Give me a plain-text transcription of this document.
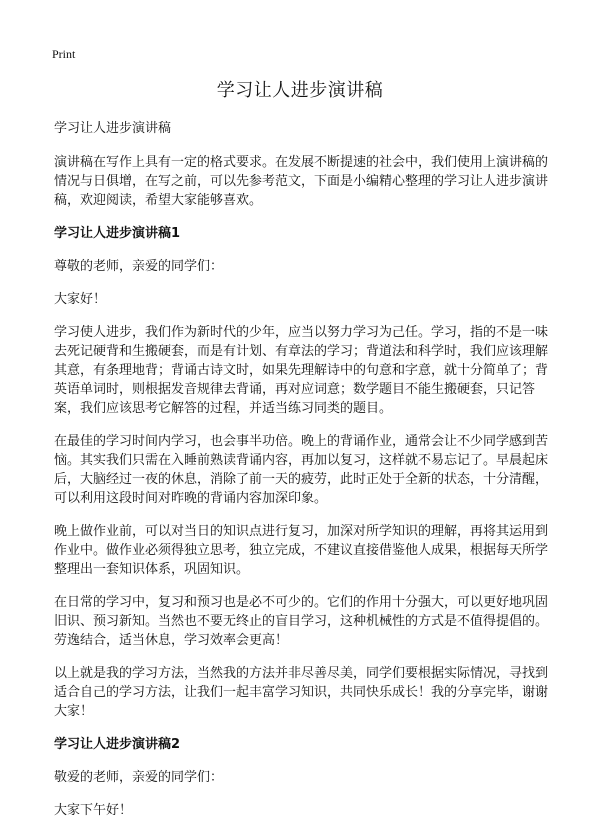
Print
学习让人进步演讲稿

学习让人进步演讲稿

演讲稿在写作上具有一定的格式要求。在发展不断提速的社会中，我们使用上演讲稿的情况与日俱增，在写之前，可以先参考范文，下面是小编精心整理的学习让人进步演讲稿，欢迎阅读，希望大家能够喜欢。

学习让人进步演讲稿1

尊敬的老师，亲爱的同学们：

大家好！

学习使人进步，我们作为新时代的少年，应当以努力学习为己任。学习，指的不是一味去死记硬背和生搬硬套，而是有计划、有章法的学习；背道法和科学时，我们应该理解其意，有条理地背；背诵古诗文时，如果先理解诗中的句意和字意，就十分简单了；背英语单词时，则根据发音规律去背诵，再对应词意；数学题目不能生搬硬套，只记答案，我们应该思考它解答的过程，并适当练习同类的题目。

在最佳的学习时间内学习，也会事半功倍。晚上的背诵作业，通常会让不少同学感到苦恼。其实我们只需在入睡前熟读背诵内容，再加以复习，这样就不易忘记了。早晨起床后，大脑经过一夜的休息，消除了前一天的疲劳，此时正处于全新的状态，十分清醒，可以利用这段时间对昨晚的背诵内容加深印象。

晚上做作业前，可以对当日的知识点进行复习，加深对所学知识的理解，再将其运用到作业中。做作业必须得独立思考，独立完成，不建议直接借鉴他人成果，根据每天所学整理出一套知识体系，巩固知识。

在日常的学习中，复习和预习也是必不可少的。它们的作用十分强大，可以更好地巩固旧识、预习新知。当然也不要无终止的盲目学习，这种机械性的方式是不值得提倡的。劳逸结合，适当休息，学习效率会更高！

以上就是我的学习方法，当然我的方法并非尽善尽美，同学们要根据实际情况，寻找到适合自己的学习方法，让我们一起丰富学习知识，共同快乐成长！我的分享完毕，谢谢大家！

学习让人进步演讲稿2

敬爱的老师，亲爱的同学们：

大家下午好！
